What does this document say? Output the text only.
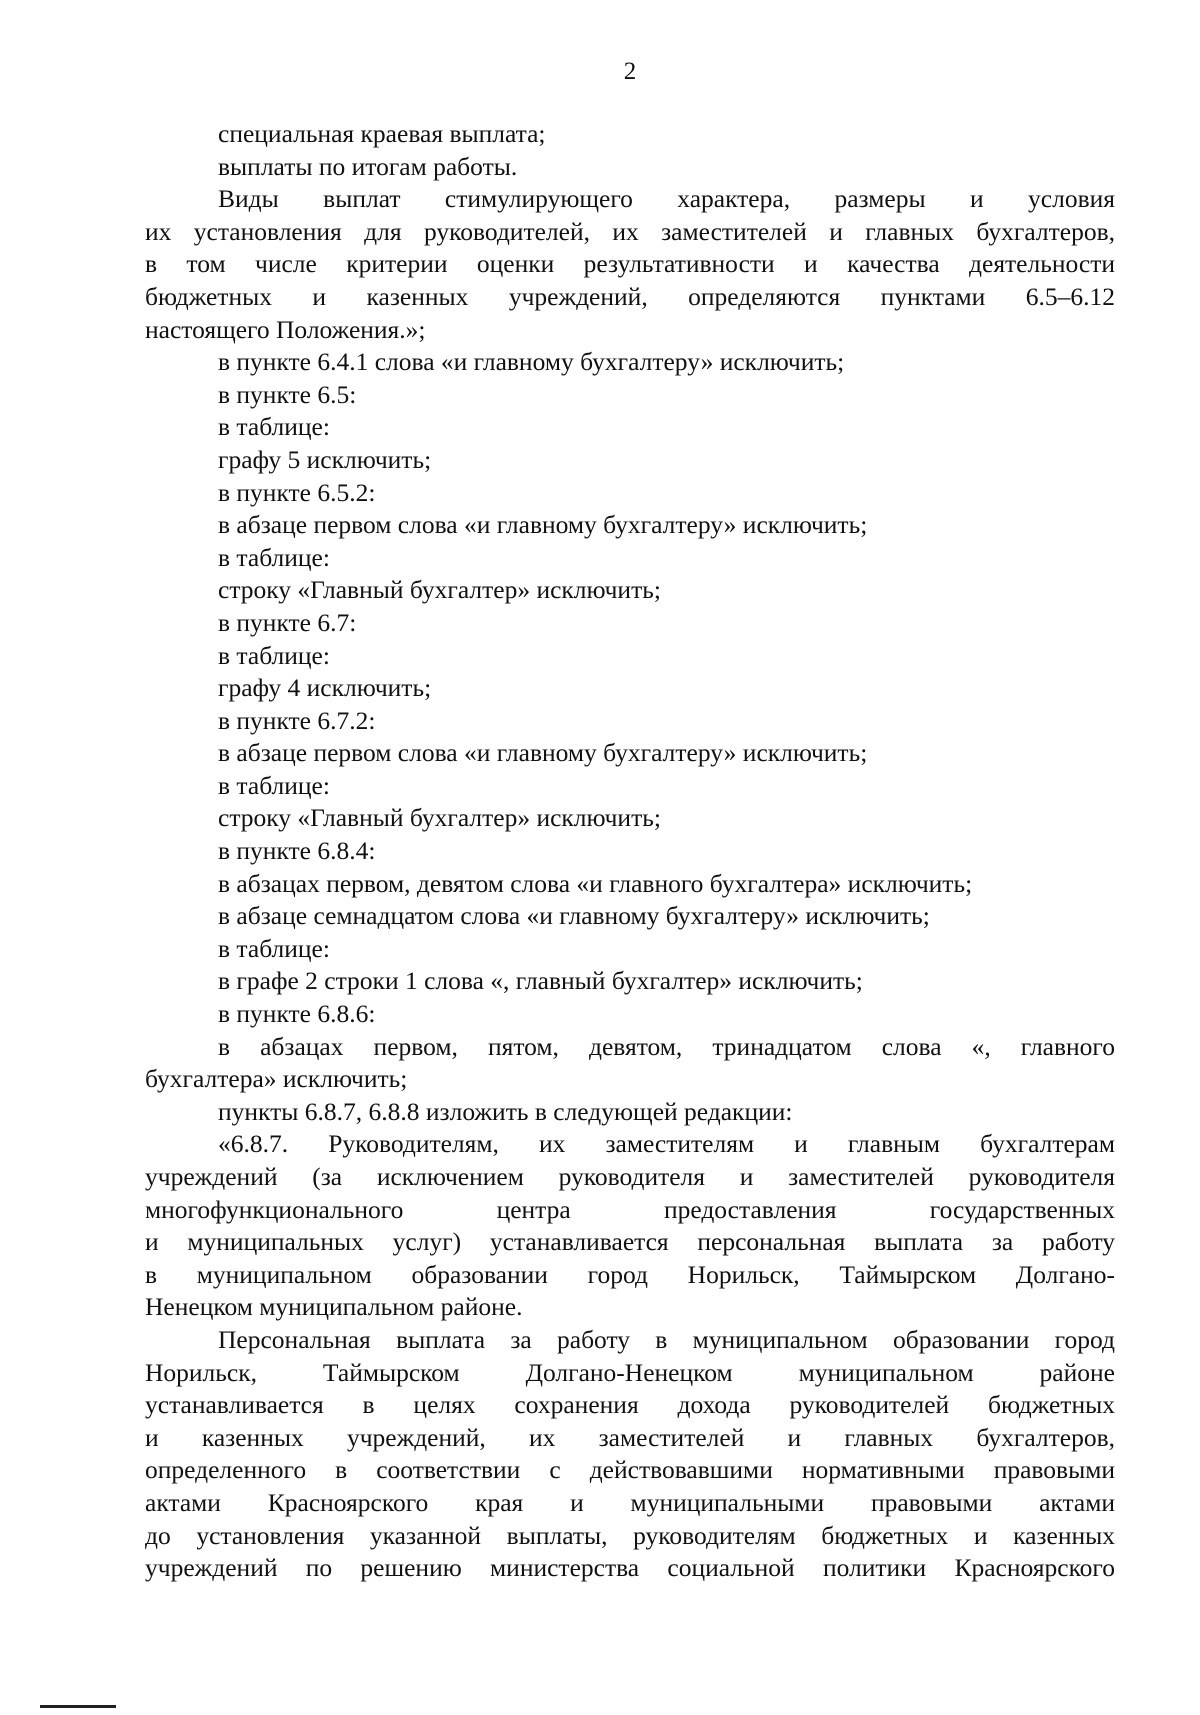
2
специальная краевая выплата;
выплаты по итогам работы.
Виды выплат стимулирующего характера, размеры и условия
их установления для руководителей, их заместителей и главных бухгалтеров,
в том числе критерии оценки результативности и качества деятельности
бюджетных и казенных учреждений, определяются пунктами 6.5–6.12
настоящего Положения.»;
в пункте 6.4.1 слова «и главному бухгалтеру» исключить;
в пункте 6.5:
в таблице:
графу 5 исключить;
в пункте 6.5.2:
в абзаце первом слова «и главному бухгалтеру» исключить;
в таблице:
строку «Главный бухгалтер» исключить;
в пункте 6.7:
в таблице:
графу 4 исключить;
в пункте 6.7.2:
в абзаце первом слова «и главному бухгалтеру» исключить;
в таблице:
строку «Главный бухгалтер» исключить;
в пункте 6.8.4:
в абзацах первом, девятом слова «и главного бухгалтера» исключить;
в абзаце семнадцатом слова «и главному бухгалтеру» исключить;
в таблице:
в графе 2 строки 1 слова «, главный бухгалтер» исключить;
в пункте 6.8.6:
в абзацах первом, пятом, девятом, тринадцатом слова «, главного
бухгалтера» исключить;
пункты 6.8.7, 6.8.8 изложить в следующей редакции:
«6.8.7. Руководителям, их заместителям и главным бухгалтерам
учреждений (за исключением руководителя и заместителей руководителя
многофункционального центра предоставления государственных
и муниципальных услуг) устанавливается персональная выплата за работу
в муниципальном образовании город Норильск, Таймырском Долгано-
Ненецком муниципальном районе.
Персональная выплата за работу в муниципальном образовании город
Норильск, Таймырском Долгано-Ненецком муниципальном районе
устанавливается в целях сохранения дохода руководителей бюджетных
и казенных учреждений, их заместителей и главных бухгалтеров,
определенного в соответствии с действовавшими нормативными правовыми
актами Красноярского края и муниципальными правовыми актами
до установления указанной выплаты, руководителям бюджетных и казенных
учреждений по решению министерства социальной политики Красноярского
